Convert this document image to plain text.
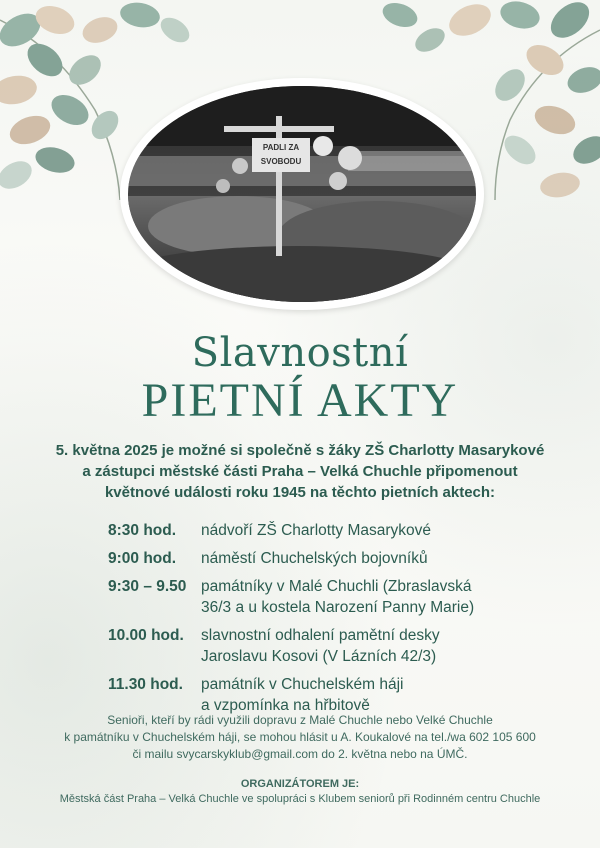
PADLI ZA
SVOBODU
Slavnostní
PIETNÍ AKTY
5. května 2025 je možné si společně s žáky ZŠ Charlotty Masarykové
a zástupci městské části Praha – Velká Chuchle připomenout
květnové události roku 1945 na těchto pietních aktech:
8:30 hod.	nádvoří ZŠ Charlotty Masarykové
9:00 hod.	náměstí Chuchelských bojovníků
9:30 – 9.50 památníky v Malé Chuchli (Zbraslavská
36/3 a u kostela Narození Panny Marie)
10.00 hod.	slavnostní odhalení pamětní desky
Jaroslavu Kosovi (V Lázních 42/3)
11.30 hod.	památník v Chuchelském háji
a vzpomínka na hřbitově
Senioři, kteří by rádi využili dopravu z Malé Chuchle nebo Velké Chuchle
k památníku v Chuchelském háji, se mohou hlásit u A. Koukalové na tel./wa 602 105 600
či mailu svycarskyklub@gmail.com do 2. května nebo na ÚMČ.
ORGANIZÁTOREM JE:
Městská část Praha – Velká Chuchle ve spolupráci s Klubem seniorů při Rodinném centru Chuchle
